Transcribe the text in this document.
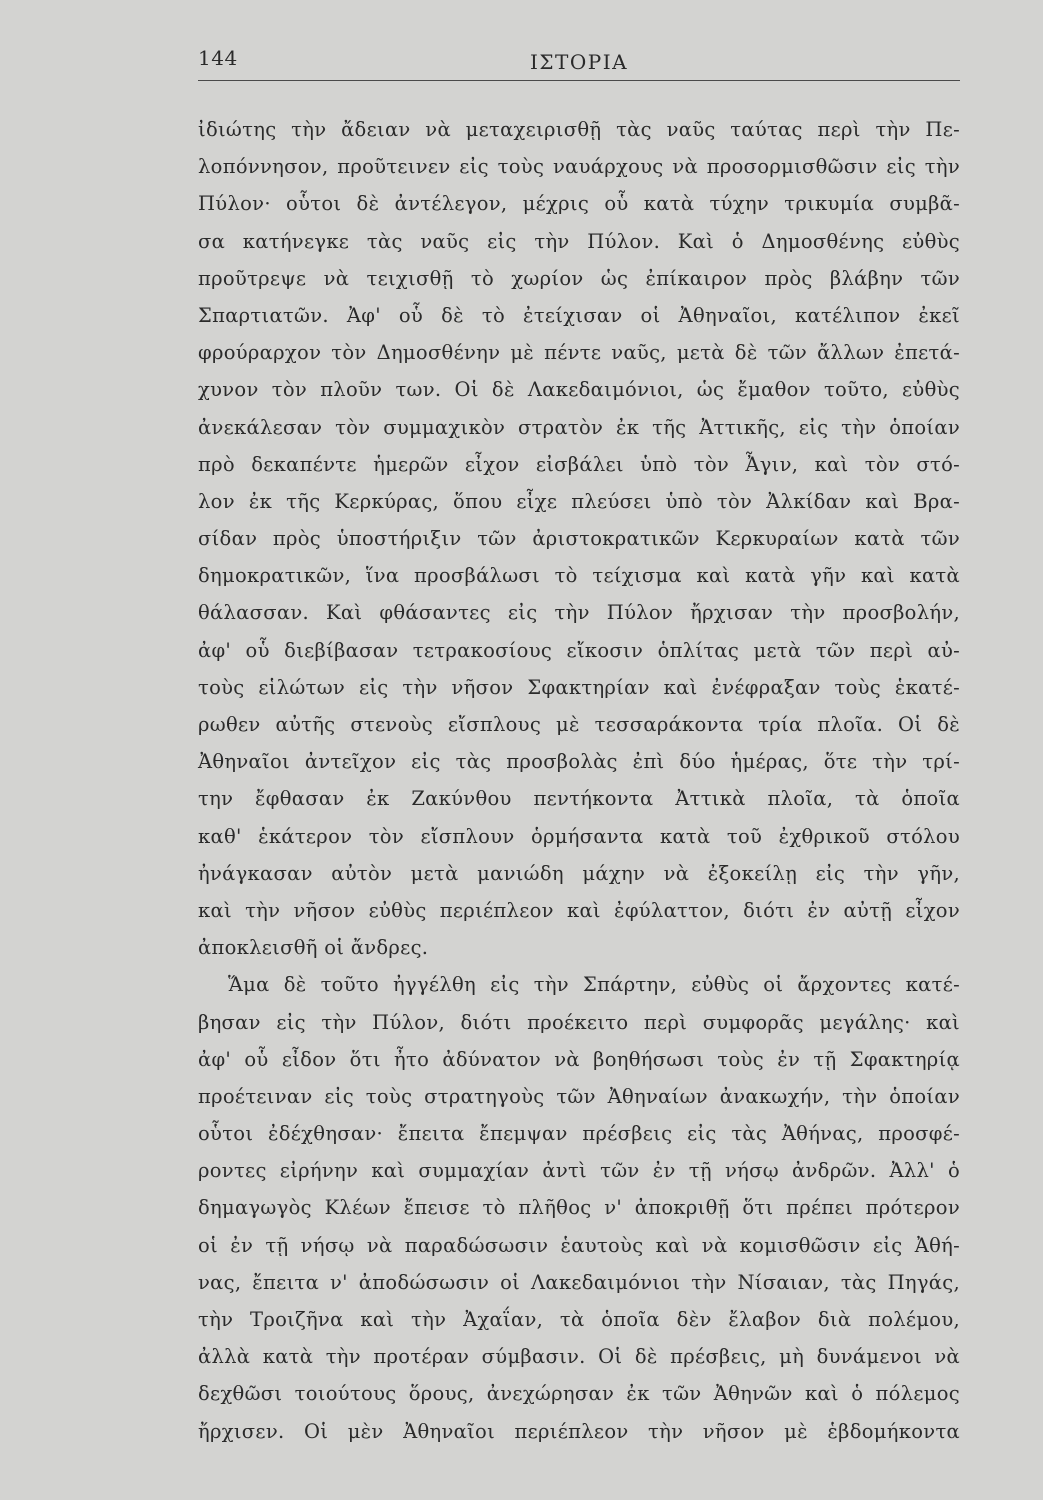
144	ΙΣΤΟΡΙΑ
ἰδιώτης τὴν ἄδειαν νὰ μεταχειρισθῇ τὰς ναῦς ταύτας περὶ τὴν Πε-
λοπόννησον, προῦτεινεν εἰς τοὺς ναυάρχους νὰ προσορμισθῶσιν εἰς τὴν
Πύλον· οὗτοι δὲ ἀντέλεγον, μέχρις οὗ κατὰ τύχην τρικυμία συμβᾶ-
σα κατήνεγκε τὰς ναῦς εἰς τὴν Πύλον. Καὶ ὁ Δημοσθένης εὐθὺς
προῦτρεψε νὰ τειχισθῇ τὸ χωρίον ὡς ἐπίκαιρον πρὸς βλάβην τῶν
Σπαρτιατῶν. Ἀφ' οὗ δὲ τὸ ἐτείχισαν οἱ Ἀθηναῖοι, κατέλιπον ἐκεῖ
φρούραρχον τὸν Δημοσθένην μὲ πέντε ναῦς, μετὰ δὲ τῶν ἄλλων ἐπετά-
χυνον τὸν πλοῦν των. Οἱ δὲ Λακεδαιμόνιοι, ὡς ἔμαθον τοῦτο, εὐθὺς
ἀνεκάλεσαν τὸν συμμαχικὸν στρατὸν ἐκ τῆς Ἀττικῆς, εἰς τὴν ὁποίαν
πρὸ δεκαπέντε ἡμερῶν εἶχον εἰσβάλει ὑπὸ τὸν Ἆγιν, καὶ τὸν στό-
λον ἐκ τῆς Κερκύρας, ὅπου εἶχε πλεύσει ὑπὸ τὸν Ἀλκίδαν καὶ Βρα-
σίδαν πρὸς ὑποστήριξιν τῶν ἀριστοκρατικῶν Κερκυραίων κατὰ τῶν
δημοκρατικῶν, ἵνα προσβάλωσι τὸ τείχισμα καὶ κατὰ γῆν καὶ κατὰ
θάλασσαν. Καὶ φθάσαντες εἰς τὴν Πύλον ἤρχισαν τὴν προσβολήν,
ἀφ' οὗ διεβίβασαν τετρακοσίους εἴκοσιν ὁπλίτας μετὰ τῶν περὶ αὐ-
τοὺς εἱλώτων εἰς τὴν νῆσον Σφακτηρίαν καὶ ἐνέφραξαν τοὺς ἑκατέ-
ρωθεν αὐτῆς στενοὺς εἴσπλους μὲ τεσσαράκοντα τρία πλοῖα. Οἱ δὲ
Ἀθηναῖοι ἀντεῖχον εἰς τὰς προσβολὰς ἐπὶ δύο ἡμέρας, ὅτε τὴν τρί-
την ἔφθασαν ἐκ Ζακύνθου πεντήκοντα Ἀττικὰ πλοῖα, τὰ ὁποῖα
καθ' ἑκάτερον τὸν εἴσπλουν ὁρμήσαντα κατὰ τοῦ ἐχθρικοῦ στόλου
ἠνάγκασαν αὐτὸν μετὰ μανιώδη μάχην νὰ ἐξοκείλῃ εἰς τὴν γῆν,
καὶ τὴν νῆσον εὐθὺς περιέπλεον καὶ ἐφύλαττον, διότι ἐν αὐτῇ εἶχον
ἀποκλεισθῆ οἱ ἄνδρες.
Ἅμα δὲ τοῦτο ἠγγέλθη εἰς τὴν Σπάρτην, εὐθὺς οἱ ἄρχοντες κατέ-
βησαν εἰς τὴν Πύλον, διότι προέκειτο περὶ συμφορᾶς μεγάλης· καὶ
ἀφ' οὗ εἶδον ὅτι ἦτο ἀδύνατον νὰ βοηθήσωσι τοὺς ἐν τῇ Σφακτηρίᾳ
προέτειναν εἰς τοὺς στρατηγοὺς τῶν Ἀθηναίων ἀνακωχήν, τὴν ὁποίαν
οὗτοι ἐδέχθησαν· ἔπειτα ἔπεμψαν πρέσβεις εἰς τὰς Ἀθήνας, προσφέ-
ροντες εἰρήνην καὶ συμμαχίαν ἀντὶ τῶν ἐν τῇ νήσῳ ἀνδρῶν. Ἀλλ' ὁ
δημαγωγὸς Κλέων ἔπεισε τὸ πλῆθος ν' ἀποκριθῇ ὅτι πρέπει πρότερον
οἱ ἐν τῇ νήσῳ νὰ παραδώσωσιν ἑαυτοὺς καὶ νὰ κομισθῶσιν εἰς Ἀθή-
νας, ἔπειτα ν' ἀποδώσωσιν οἱ Λακεδαιμόνιοι τὴν Νίσαιαν, τὰς Πηγάς,
τὴν Τροιζῆνα καὶ τὴν Ἀχαΐαν, τὰ ὁποῖα δὲν ἔλαβον διὰ πολέμου,
ἀλλὰ κατὰ τὴν προτέραν σύμβασιν. Οἱ δὲ πρέσβεις, μὴ δυνάμενοι νὰ
δεχθῶσι τοιούτους ὅρους, ἀνεχώρησαν ἐκ τῶν Ἀθηνῶν καὶ ὁ πόλεμος
ἤρχισεν. Οἱ μὲν Ἀθηναῖοι περιέπλεον τὴν νῆσον μὲ ἑβδομήκοντα
